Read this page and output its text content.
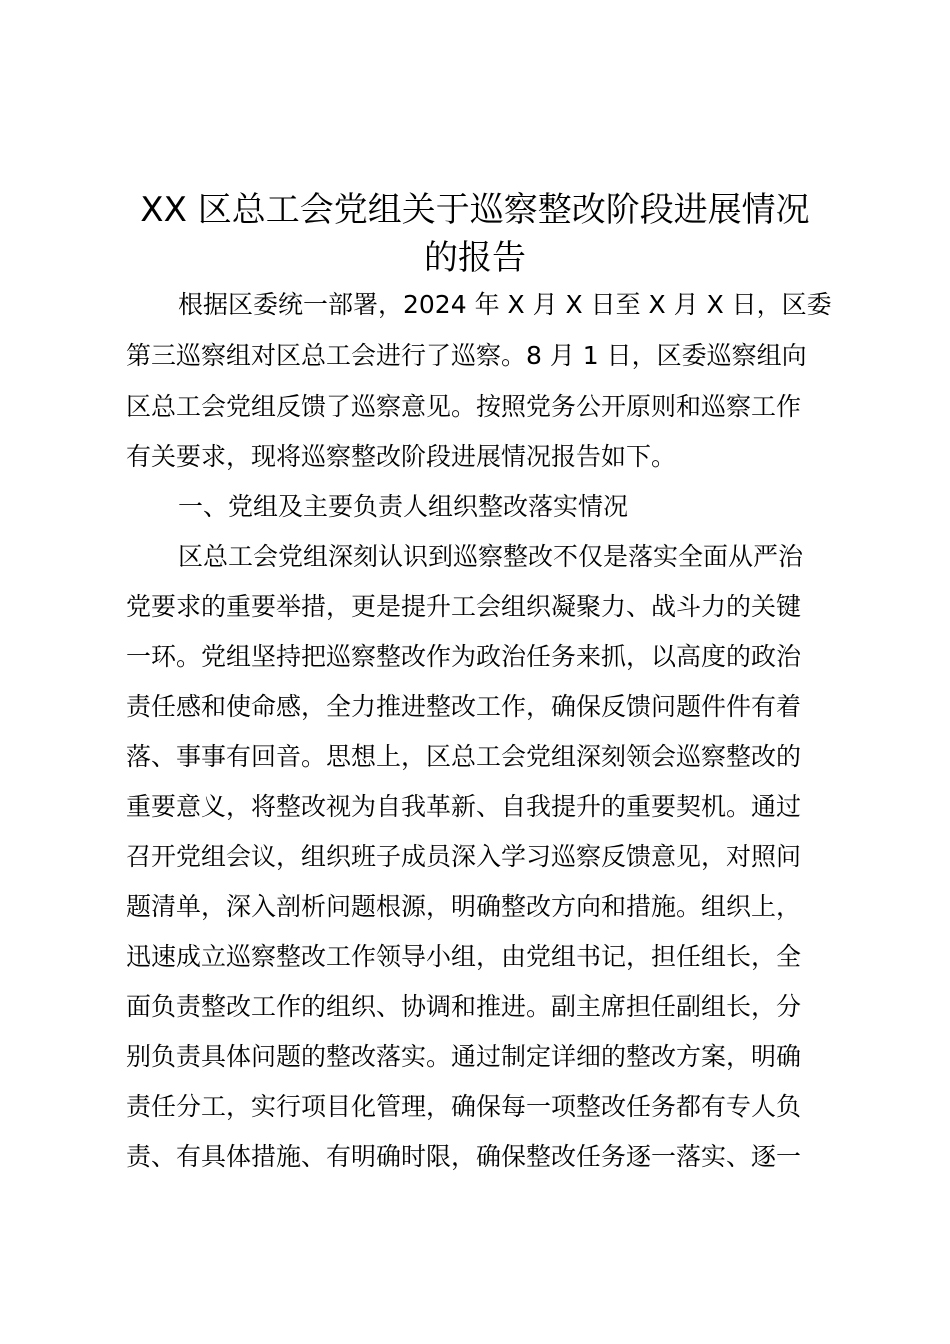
XX 区总工会党组关于巡察整改阶段进展情况
的报告

根据区委统一部署，2024 年 X 月 X 日至 X 月 X 日，区委

第三巡察组对区总工会进行了巡察。8 月 1 日，区委巡察组向

区总工会党组反馈了巡察意见。按照党务公开原则和巡察工作

有关要求，现将巡察整改阶段进展情况报告如下。

一、党组及主要负责人组织整改落实情况

区总工会党组深刻认识到巡察整改不仅是落实全面从严治

党要求的重要举措，更是提升工会组织凝聚力、战斗力的关键

一环。党组坚持把巡察整改作为政治任务来抓，以高度的政治

责任感和使命感，全力推进整改工作，确保反馈问题件件有着

落、事事有回音。思想上，区总工会党组深刻领会巡察整改的

重要意义，将整改视为自我革新、自我提升的重要契机。通过

召开党组会议，组织班子成员深入学习巡察反馈意见，对照问

题清单，深入剖析问题根源，明确整改方向和措施。组织上，

迅速成立巡察整改工作领导小组，由党组书记，担任组长，全

面负责整改工作的组织、协调和推进。副主席担任副组长，分

别负责具体问题的整改落实。通过制定详细的整改方案，明确

责任分工，实行项目化管理，确保每一项整改任务都有专人负

责、有具体措施、有明确时限，确保整改任务逐一落实、逐一
